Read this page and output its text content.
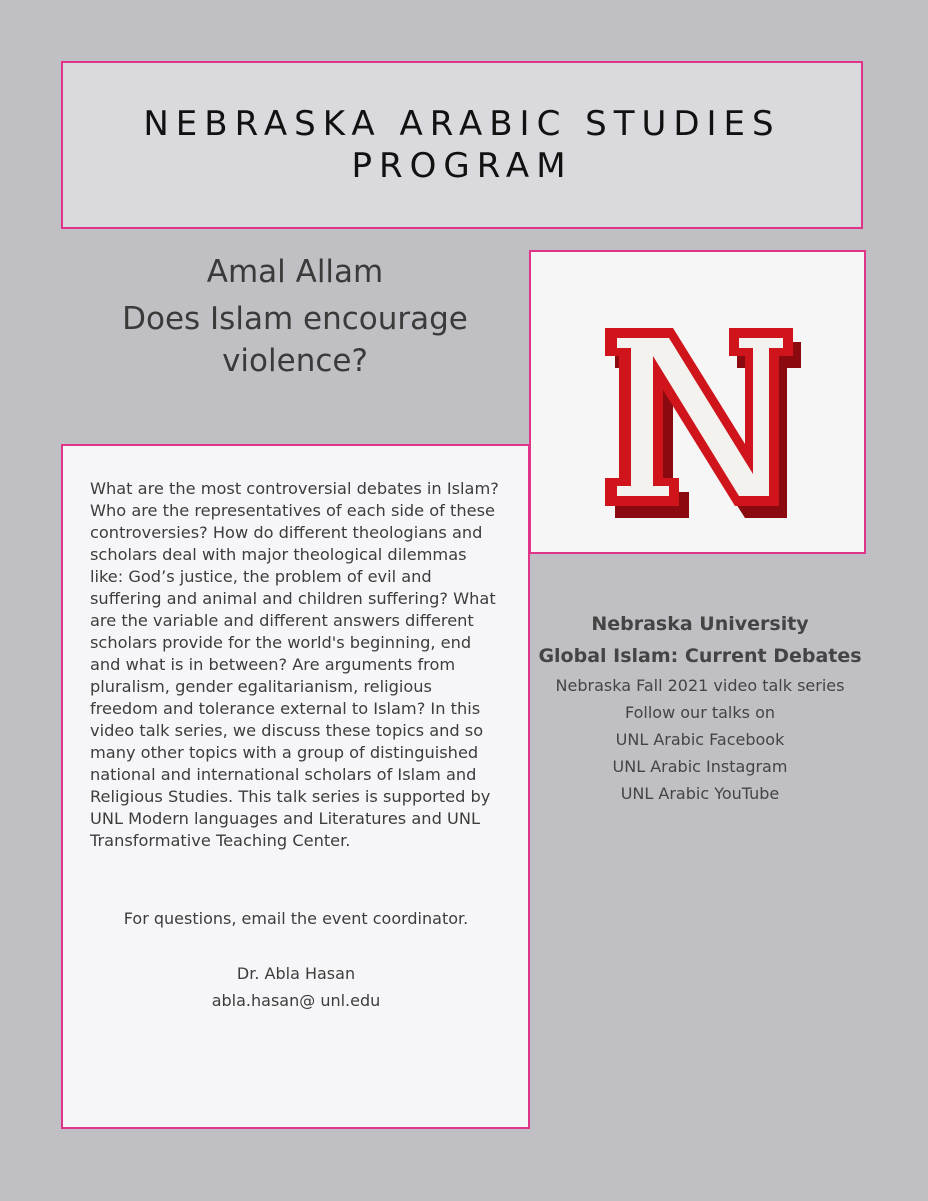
NEBRASKA ARABIC STUDIES
PROGRAM
Amal Allam
Does Islam encourage violence?

What are the most controversial debates in Islam? Who are the representatives of each side of these controversies? How do different theologians and scholars deal with major theological dilemmas like: God’s justice, the problem of evil and suffering and animal and children suffering? What are the variable and different answers different scholars provide for the world's beginning, end and what is in between? Are arguments from pluralism, gender egalitarianism, religious freedom and tolerance external to Islam? In this video talk series, we discuss these topics and so many other topics with a group of distinguished national and international scholars of Islam and Religious Studies. This talk series is supported by UNL Modern languages and Literatures and UNL Transformative Teaching Center.

For questions, email the event coordinator.
Dr. Abla Hasan
abla.hasan@ unl.edu
Nebraska University
Global Islam: Current Debates
Nebraska Fall 2021 video talk series
Follow our talks on
UNL Arabic Facebook
UNL Arabic Instagram
UNL Arabic YouTube
